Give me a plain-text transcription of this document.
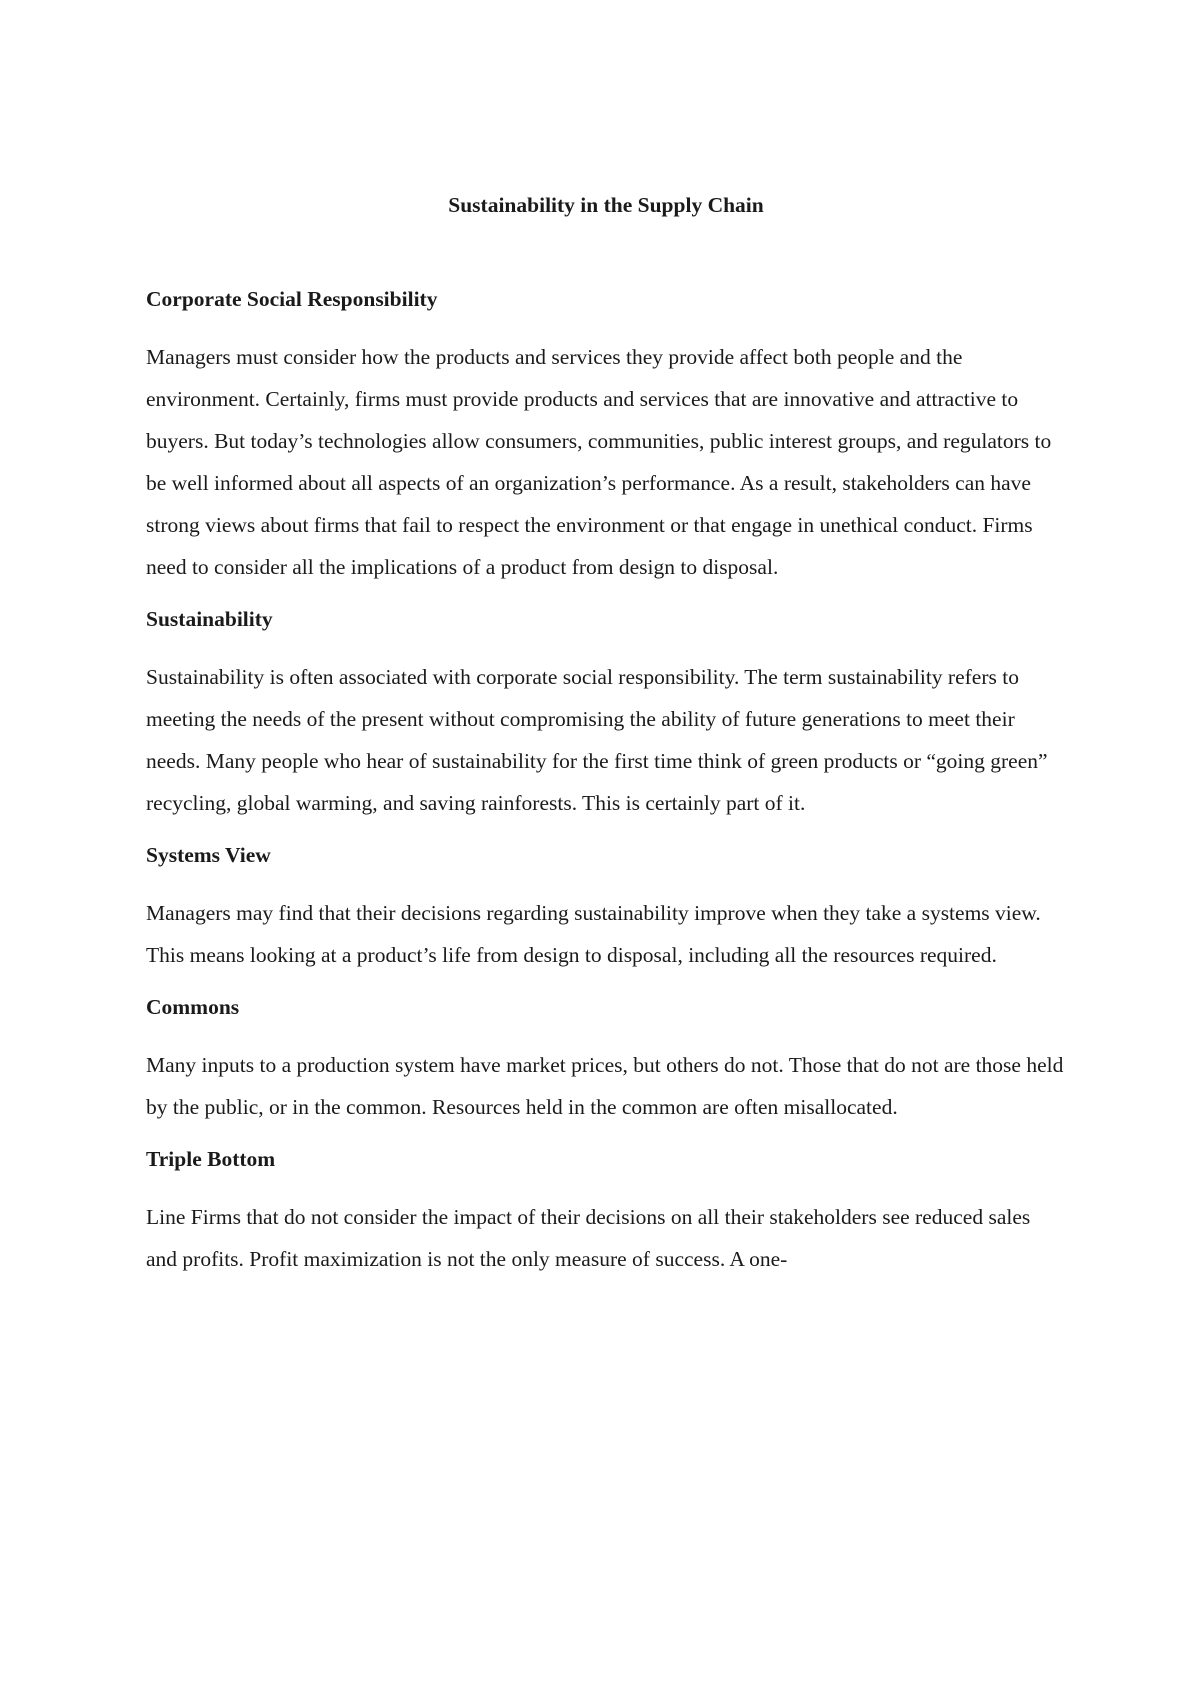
Sustainability in the Supply Chain

Corporate Social Responsibility

Managers must consider how the products and services they provide affect both people and the environment. Certainly, firms must provide products and services that are innovative and attractive to buyers. But today’s technologies allow consumers, communities, public interest groups, and regulators to be well informed about all aspects of an organization’s performance. As a result, stakeholders can have strong views about firms that fail to respect the environment or that engage in unethical conduct. Firms need to consider all the implications of a product from design to disposal.

Sustainability

Sustainability is often associated with corporate social responsibility. The term sustainability refers to meeting the needs of the present without compromising the ability of future generations to meet their needs. Many people who hear of sustainability for the first time think of green products or “going green” recycling, global warming, and saving rainforests. This is certainly part of it.

Systems View

Managers may find that their decisions regarding sustainability improve when they take a systems view. This means looking at a product’s life from design to disposal, including all the resources required.

Commons

Many inputs to a production system have market prices, but others do not. Those that do not are those held by the public, or in the common. Resources held in the common are often misallocated.

Triple Bottom

Line Firms that do not consider the impact of their decisions on all their stakeholders see reduced sales and profits. Profit maximization is not the only measure of success. A one-
